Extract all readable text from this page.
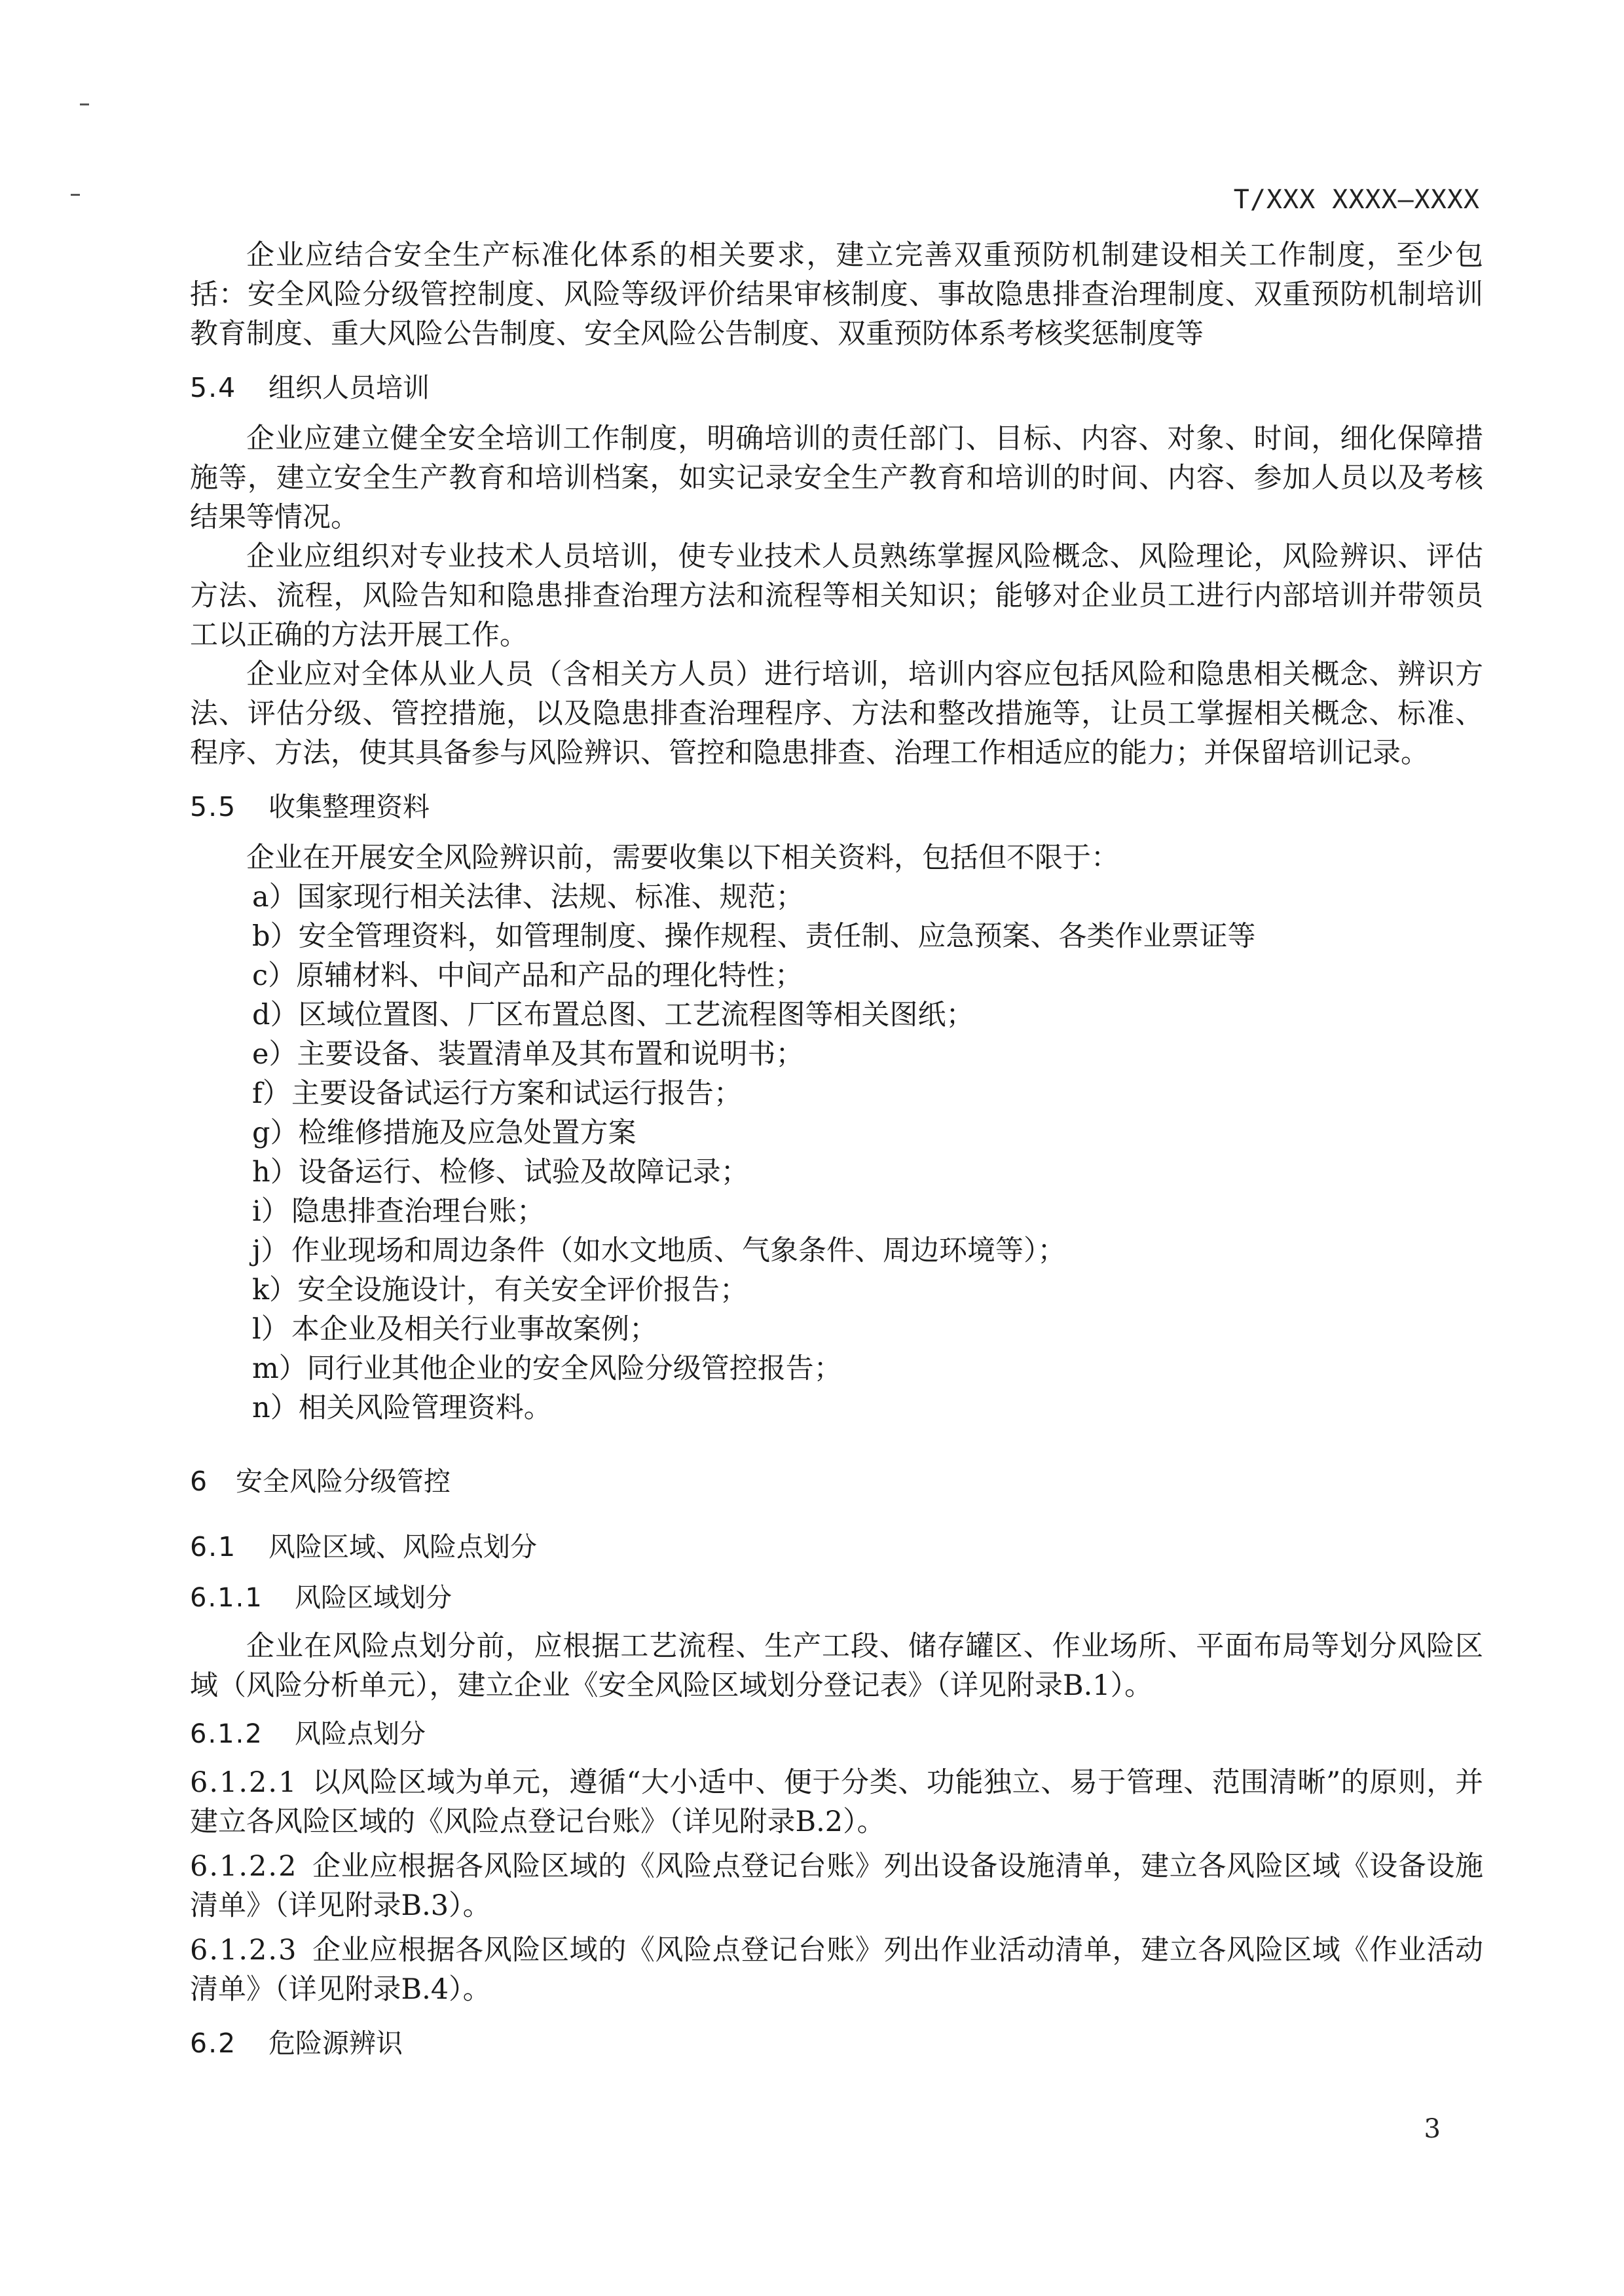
T/XXX XXXX—XXXX

企业应结合安全生产标准化体系的相关要求，建立完善双重预防机制建设相关工作制度，至少包括：安全风险分级管控制度、风险等级评价结果审核制度、事故隐患排查治理制度、双重预防机制培训教育制度、重大风险公告制度、安全风险公告制度、双重预防体系考核奖惩制度等

5.4 组织人员培训

企业应建立健全安全培训工作制度，明确培训的责任部门、目标、内容、对象、时间，细化保障措施等，建立安全生产教育和培训档案，如实记录安全生产教育和培训的时间、内容、参加人员以及考核结果等情况。

企业应组织对专业技术人员培训，使专业技术人员熟练掌握风险概念、风险理论，风险辨识、评估方法、流程，风险告知和隐患排查治理方法和流程等相关知识；能够对企业员工进行内部培训并带领员工以正确的方法开展工作。

企业应对全体从业人员（含相关方人员）进行培训，培训内容应包括风险和隐患相关概念、辨识方法、评估分级、管控措施，以及隐患排查治理程序、方法和整改措施等，让员工掌握相关概念、标准、程序、方法，使其具备参与风险辨识、管控和隐患排查、治理工作相适应的能力；并保留培训记录。

5.5 收集整理资料

企业在开展安全风险辨识前，需要收集以下相关资料，包括但不限于：

a）国家现行相关法律、法规、标准、规范；

b）安全管理资料，如管理制度、操作规程、责任制、应急预案、各类作业票证等

c）原辅材料、中间产品和产品的理化特性；

d）区域位置图、厂区布置总图、工艺流程图等相关图纸；

e）主要设备、装置清单及其布置和说明书；

f）主要设备试运行方案和试运行报告；

g）检维修措施及应急处置方案

h）设备运行、检修、试验及故障记录；

i）隐患排查治理台账；

j）作业现场和周边条件（如水文地质、气象条件、周边环境等）；

k）安全设施设计，有关安全评价报告；

l）本企业及相关行业事故案例；

m）同行业其他企业的安全风险分级管控报告；

n）相关风险管理资料。

6 安全风险分级管控
6.1 风险区域、风险点划分
6.1.1 风险区域划分

企业在风险点划分前，应根据工艺流程、生产工段、储存罐区、作业场所、平面布局等划分风险区域（风险分析单元），建立企业《安全风险区域划分登记表》（详见附录B.1）。

6.1.2 风险点划分

6.1.2.1 以风险区域为单元，遵循“大小适中、便于分类、功能独立、易于管理、范围清晰”的原则，并建立各风险区域的《风险点登记台账》（详见附录B.2）。

6.1.2.2 企业应根据各风险区域的《风险点登记台账》列出设备设施清单，建立各风险区域《设备设施清单》（详见附录B.3）。

6.1.2.3 企业应根据各风险区域的《风险点登记台账》列出作业活动清单，建立各风险区域《作业活动清单》（详见附录B.4）。

6.2 危险源辨识
3
